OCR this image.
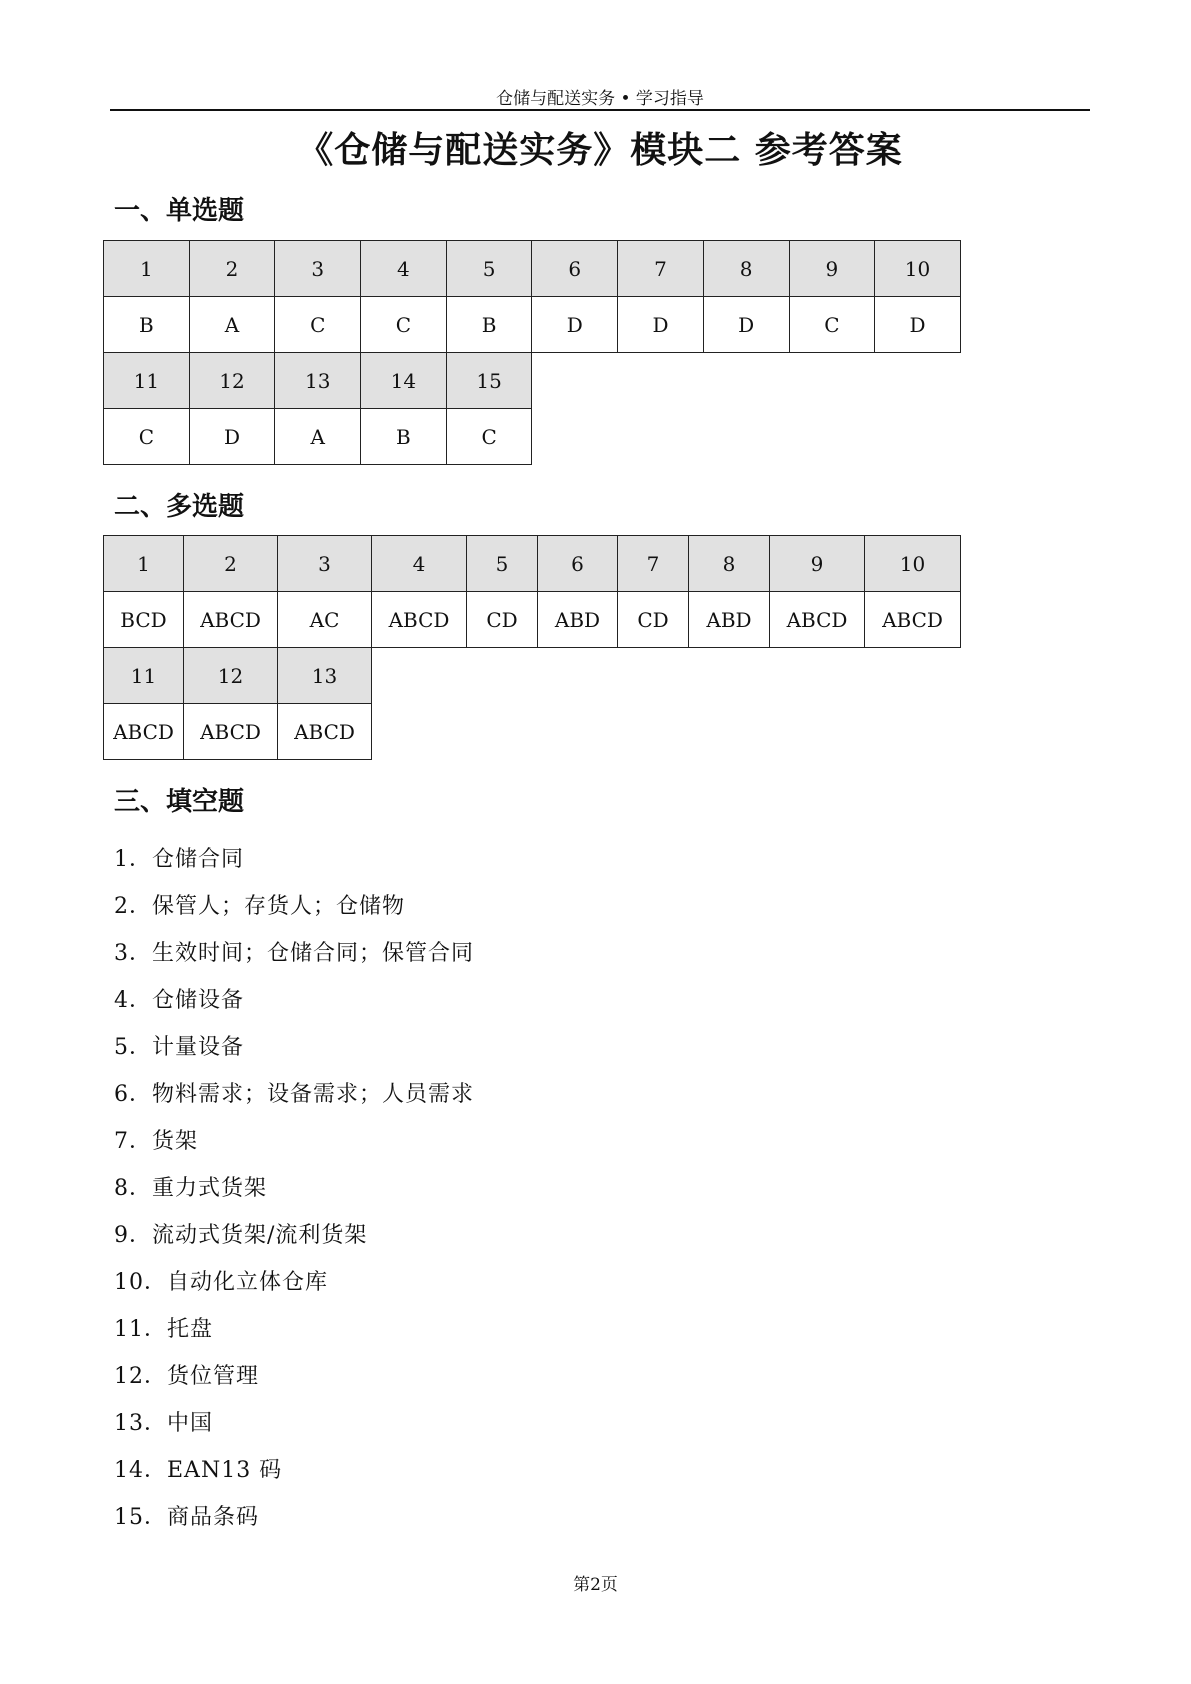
仓储与配送实务 • 学习指导
《仓储与配送实务》模块二 参考答案
一、单选题
1	2	3	4	5	6	7	8	9	10
B	A	C	C	B	D	D	D	C	D
11	12	13	14	15					
C	D	A	B	C					
二、多选题
1	2	3	4	5	6	7	8	9	10
BCD	ABCD	AC	ABCD	CD	ABD	CD	ABD	ABCD	ABCD
11	12	13							
ABCD	ABCD	ABCD							
三、填空题
1．仓储合同
2．保管人；存货人；仓储物
3．生效时间；仓储合同；保管合同
4．仓储设备
5．计量设备
6．物料需求；设备需求；人员需求
7．货架
8．重力式货架
9．流动式货架/流利货架
10．自动化立体仓库
11．托盘
12．货位管理
13．中国
14．EAN13 码
15．商品条码
第2页
